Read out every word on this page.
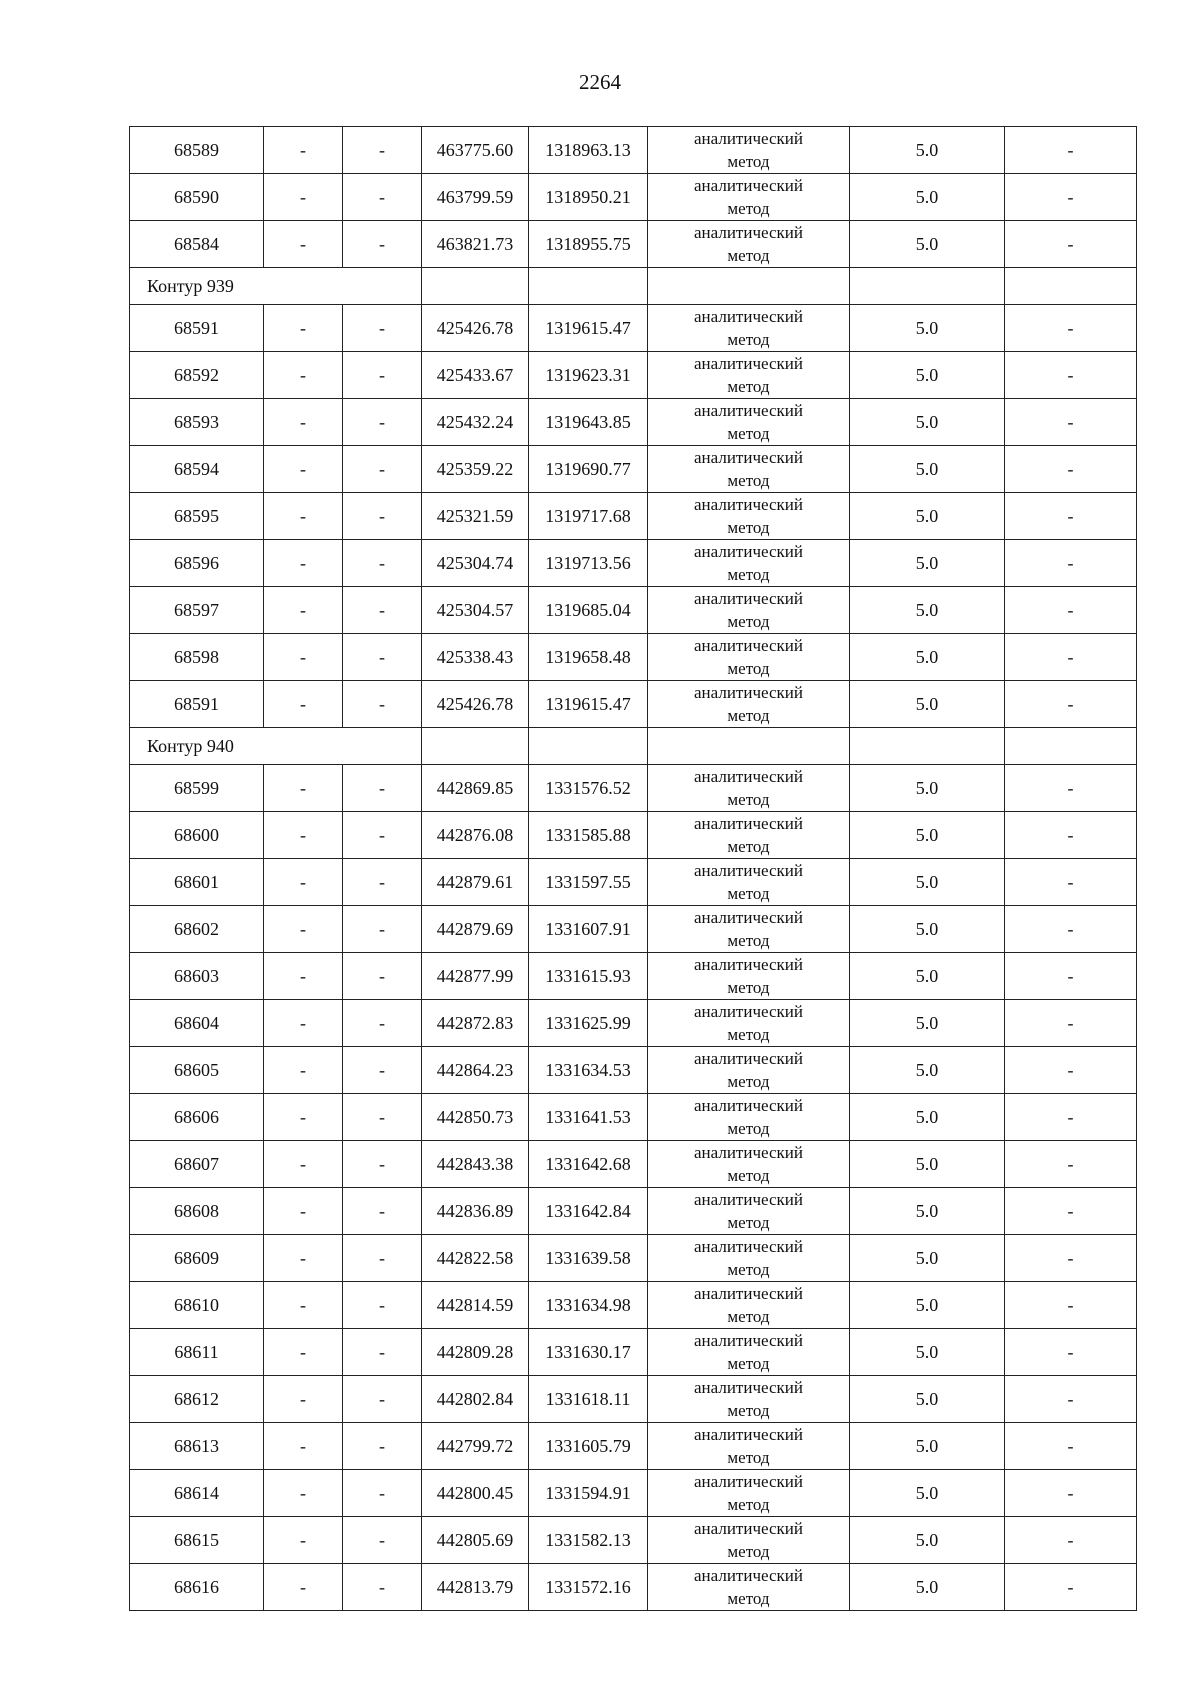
2264
68589	-	-	463775.60	1318963.13	аналитический
метод	5.0	-
68590	-	-	463799.59	1318950.21	аналитический
метод	5.0	-
68584	-	-	463821.73	1318955.75	аналитический
метод	5.0	-
Контур 939							
68591	-	-	425426.78	1319615.47	аналитический
метод	5.0	-
68592	-	-	425433.67	1319623.31	аналитический
метод	5.0	-
68593	-	-	425432.24	1319643.85	аналитический
метод	5.0	-
68594	-	-	425359.22	1319690.77	аналитический
метод	5.0	-
68595	-	-	425321.59	1319717.68	аналитический
метод	5.0	-
68596	-	-	425304.74	1319713.56	аналитический
метод	5.0	-
68597	-	-	425304.57	1319685.04	аналитический
метод	5.0	-
68598	-	-	425338.43	1319658.48	аналитический
метод	5.0	-
68591	-	-	425426.78	1319615.47	аналитический
метод	5.0	-
Контур 940							
68599	-	-	442869.85	1331576.52	аналитический
метод	5.0	-
68600	-	-	442876.08	1331585.88	аналитический
метод	5.0	-
68601	-	-	442879.61	1331597.55	аналитический
метод	5.0	-
68602	-	-	442879.69	1331607.91	аналитический
метод	5.0	-
68603	-	-	442877.99	1331615.93	аналитический
метод	5.0	-
68604	-	-	442872.83	1331625.99	аналитический
метод	5.0	-
68605	-	-	442864.23	1331634.53	аналитический
метод	5.0	-
68606	-	-	442850.73	1331641.53	аналитический
метод	5.0	-
68607	-	-	442843.38	1331642.68	аналитический
метод	5.0	-
68608	-	-	442836.89	1331642.84	аналитический
метод	5.0	-
68609	-	-	442822.58	1331639.58	аналитический
метод	5.0	-
68610	-	-	442814.59	1331634.98	аналитический
метод	5.0	-
68611	-	-	442809.28	1331630.17	аналитический
метод	5.0	-
68612	-	-	442802.84	1331618.11	аналитический
метод	5.0	-
68613	-	-	442799.72	1331605.79	аналитический
метод	5.0	-
68614	-	-	442800.45	1331594.91	аналитический
метод	5.0	-
68615	-	-	442805.69	1331582.13	аналитический
метод	5.0	-
68616	-	-	442813.79	1331572.16	аналитический
метод	5.0	-
